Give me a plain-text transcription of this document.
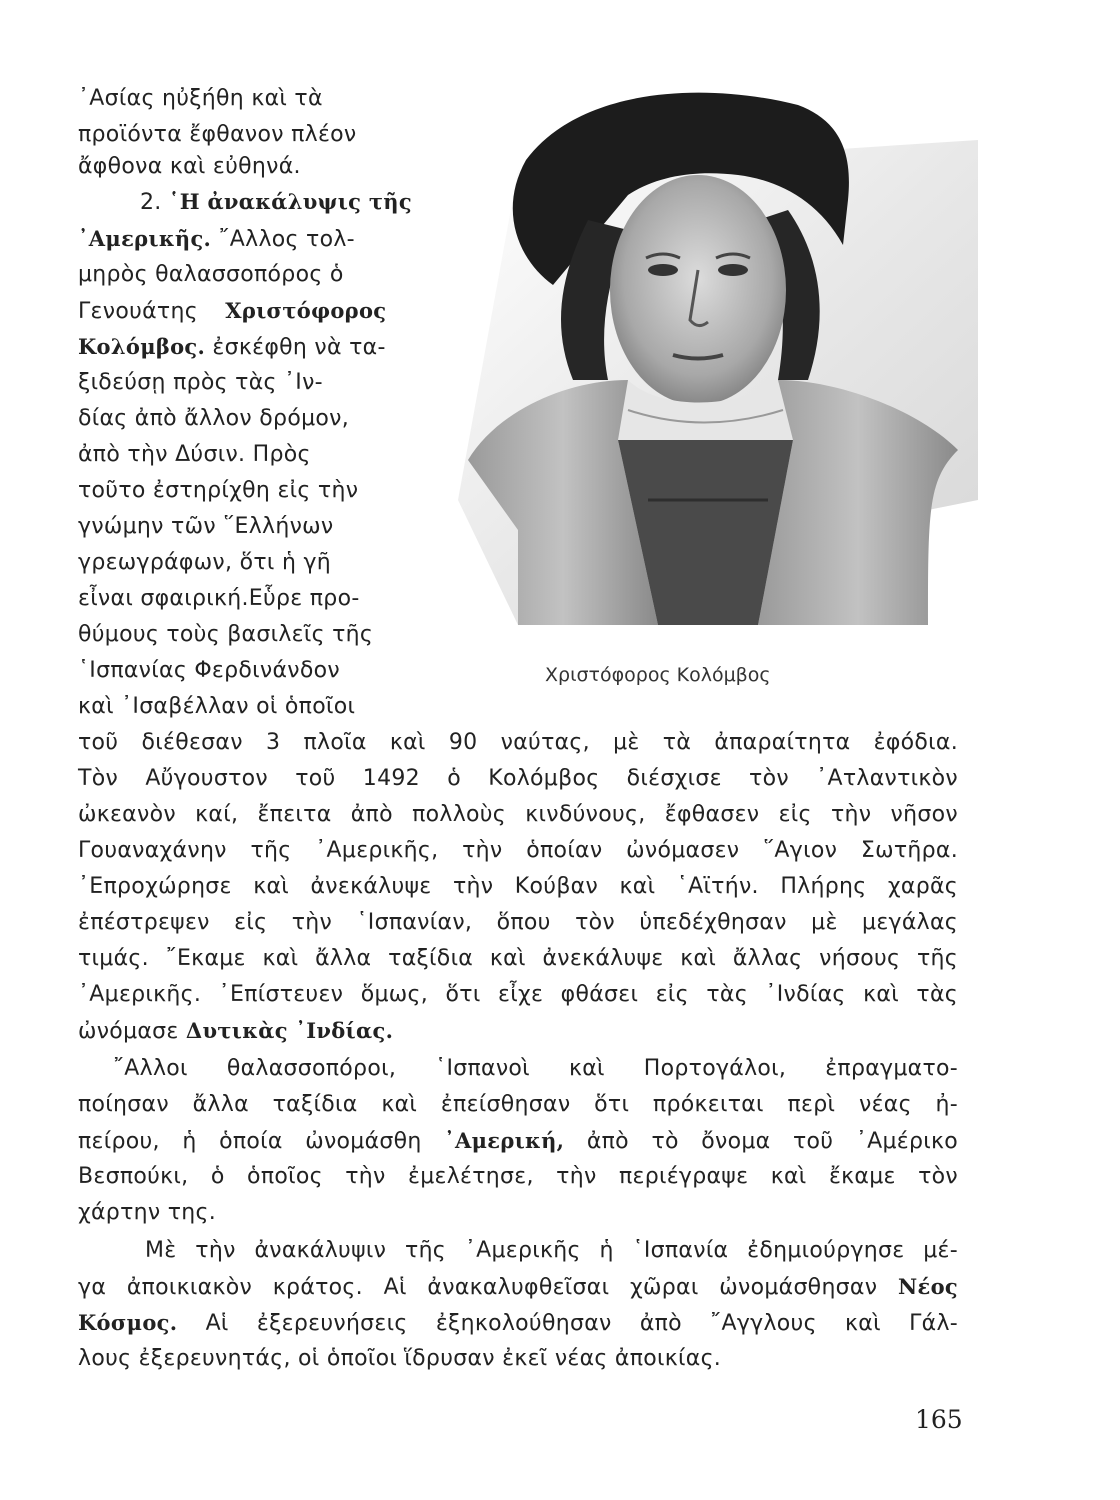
᾿Ασίας ηὐξήθη καὶ τὰ
προϊόντα ἔφθανον πλέον
ἄφθονα καὶ εὐθηνά.
2. ῾Η ἀνακάλυψις τῆς
᾿Αμερικῆς. ῎Αλλος τολ-
μηρὸς θαλασσοπόρος ὁ
Γενουάτης Χριστόφορος
Κολόμβος. ἐσκέφθη νὰ τα-
ξιδεύσῃ πρὸς τὰς ᾿Ιν-
δίας ἀπὸ ἄλλον δρόμον,
ἀπὸ τὴν Δύσιν. Πρὸς
τοῦτο ἐστηρίχθη εἰς τὴν
γνώμην τῶν ῞Ελλήνων
γρεωγράφων, ὅτι ἡ γῆ
εἶναι σφαιρική.Εὗρε προ-
θύμους τοὺς βασιλεῖς τῆς
῾Ισπανίας Φερδινάνδον
καὶ ᾿Ισαβέλλαν οἱ ὁποῖοι
Χριστόφορος Κολόμβος
τοῦ διέθεσαν 3 πλοῖα καὶ 90 ναύτας, μὲ τὰ ἀπαραίτητα ἐφόδια.
Τὸν Αὔγουστον τοῦ 1492 ὁ Κολόμβος διέσχισε τὸν ᾿Ατλαντικὸν
ὠκεανὸν καί, ἔπειτα ἀπὸ πολλοὺς κινδύνους, ἔφθασεν εἰς τὴν νῆσον
Γουαναχάνην τῆς ᾿Αμερικῆς, τὴν ὁποίαν ὠνόμασεν ῞Αγιον Σωτῆρα.
᾿Επροχώρησε καὶ ἀνεκάλυψε τὴν Κούβαν καὶ ῾Αϊτήν. Πλήρης χαρᾶς
ἐπέστρεψεν εἰς τὴν ῾Ισπανίαν, ὅπου τὸν ὑπεδέχθησαν μὲ μεγάλας
τιμάς. ῎Εκαμε καὶ ἄλλα ταξίδια καὶ ἀνεκάλυψε καὶ ἄλλας νήσους τῆς
᾿Αμερικῆς. ᾿Επίστευεν ὅμως, ὅτι εἶχε φθάσει εἰς τὰς ᾿Ινδίας καὶ τὰς
ὠνόμασε Δυτικὰς ᾿Ινδίας.
῎Αλλοι θαλασσοπόροι, ῾Ισπανοὶ καὶ Πορτογάλοι, ἐπραγματο-
ποίησαν ἄλλα ταξίδια καὶ ἐπείσθησαν ὅτι πρόκειται περὶ νέας ἠ-
πείρου, ἡ ὁποία ὠνομάσθη ᾿Αμερική, ἀπὸ τὸ ὄνομα τοῦ ᾿Αμέρικο
Βεσπούκι, ὁ ὁποῖος τὴν ἐμελέτησε, τὴν περιέγραψε καὶ ἔκαμε τὸν
χάρτην της.
Μὲ τὴν ἀνακάλυψιν τῆς ᾿Αμερικῆς ἡ ῾Ισπανία ἐδημιούργησε μέ-
γα ἀποικιακὸν κράτος. Αἱ ἀνακαλυφθεῖσαι χῶραι ὠνομάσθησαν Νέος
Κόσμος. Αἱ ἐξερευνήσεις ἐξηκολούθησαν ἀπὸ ῎Αγγλους καὶ Γάλ-
λους ἐξερευνητάς, οἱ ὁποῖοι ἵδρυσαν ἐκεῖ νέας ἀποικίας.
165
